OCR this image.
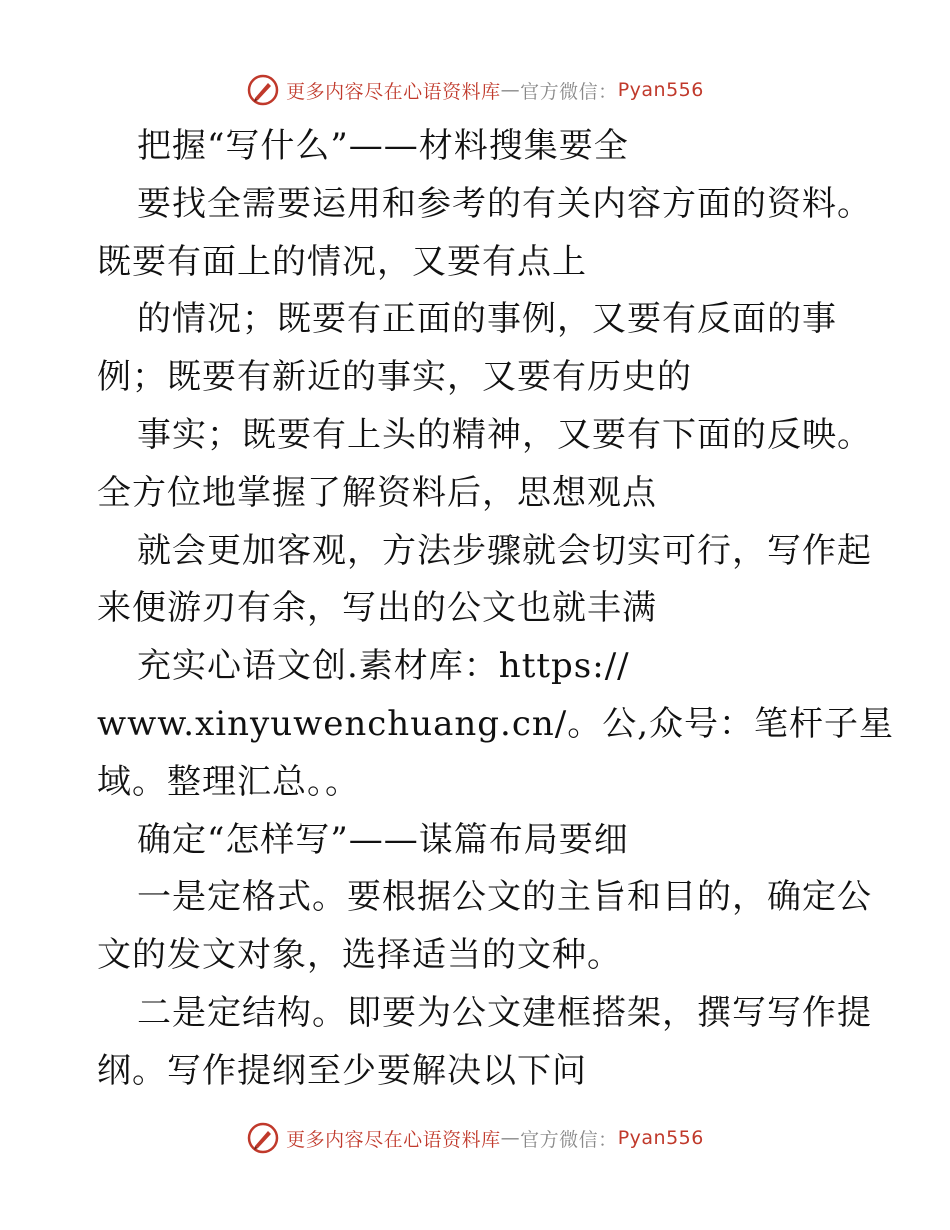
更多内容尽在心语资料库 — 官方微信： Pyan556
把握“写什么”——材料搜集要全
要找全需要运用和参考的有关内容方面的资料。
既要有面上的情况，又要有点上
的情况；既要有正面的事例，又要有反面的事
例；既要有新近的事实，又要有历史的
事实；既要有上头的精神，又要有下面的反映。
全方位地掌握了解资料后，思想观点
就会更加客观，方法步骤就会切实可行，写作起
来便游刃有余，写出的公文也就丰满
充实心语文创.素材库：https://
www.xinyuwenchuang.cn/。公,众号：笔杆子星
域。整理汇总。。
确定“怎样写”——谋篇布局要细
一是定格式。要根据公文的主旨和目的，确定公
文的发文对象，选择适当的文种。
二是定结构。即要为公文建框搭架，撰写写作提
纲。写作提纲至少要解决以下问
更多内容尽在心语资料库 — 官方微信： Pyan556
